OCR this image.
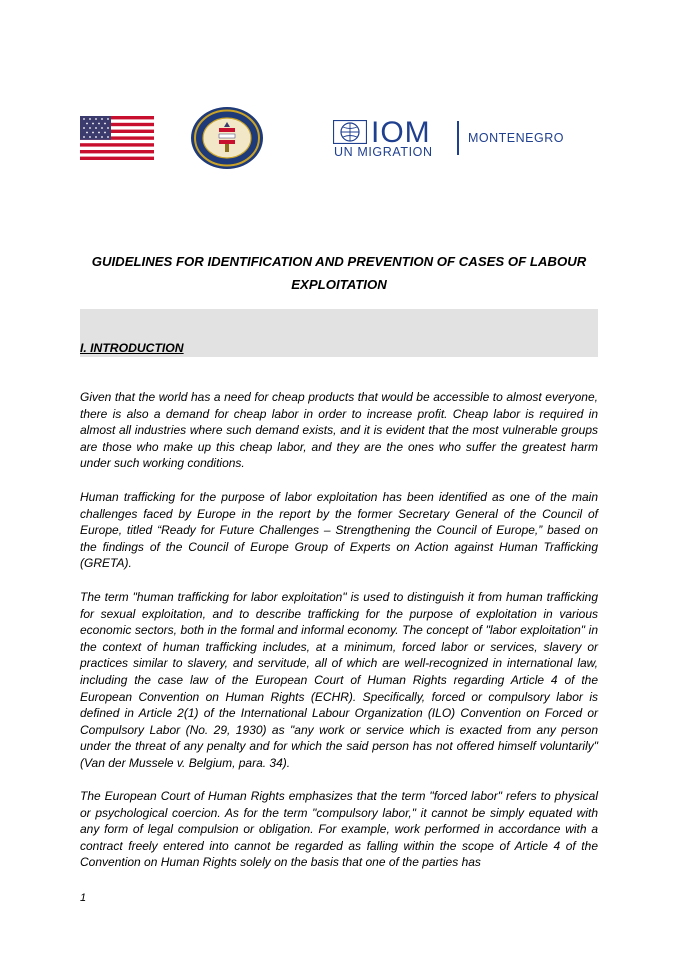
IOM
UN MIGRATION
MONTENEGRO
GUIDELINES FOR IDENTIFICATION AND PREVENTION OF CASES OF LABOUR EXPLOITATION
I. INTRODUCTION

Given that the world has a need for cheap products that would be accessible to almost everyone, there is also a demand for cheap labor in order to increase profit. Cheap labor is required in almost all industries where such demand exists, and it is evident that the most vulnerable groups are those who make up this cheap labor, and they are the ones who suffer the greatest harm under such working conditions.

Human trafficking for the purpose of labor exploitation has been identified as one of the main challenges faced by Europe in the report by the former Secretary General of the Council of Europe, titled “Ready for Future Challenges – Strengthening the Council of Europe,” based on the findings of the Council of Europe Group of Experts on Action against Human Trafficking (GRETA).

The term "human trafficking for labor exploitation" is used to distinguish it from human trafficking for sexual exploitation, and to describe trafficking for the purpose of exploitation in various economic sectors, both in the formal and informal economy. The concept of "labor exploitation" in the context of human trafficking includes, at a minimum, forced labor or services, slavery or practices similar to slavery, and servitude, all of which are well-recognized in international law, including the case law of the European Court of Human Rights regarding Article 4 of the European Convention on Human Rights (ECHR). Specifically, forced or compulsory labor is defined in Article 2(1) of the International Labour Organization (ILO) Convention on Forced or Compulsory Labor (No. 29, 1930) as "any work or service which is exacted from any person under the threat of any penalty and for which the said person has not offered himself voluntarily" (Van der Mussele v. Belgium, para. 34).

The European Court of Human Rights emphasizes that the term "forced labor" refers to physical or psychological coercion. As for the term "compulsory labor," it cannot be simply equated with any form of legal compulsion or obligation. For example, work performed in accordance with a contract freely entered into cannot be regarded as falling within the scope of Article 4 of the Convention on Human Rights solely on the basis that one of the parties has

1
